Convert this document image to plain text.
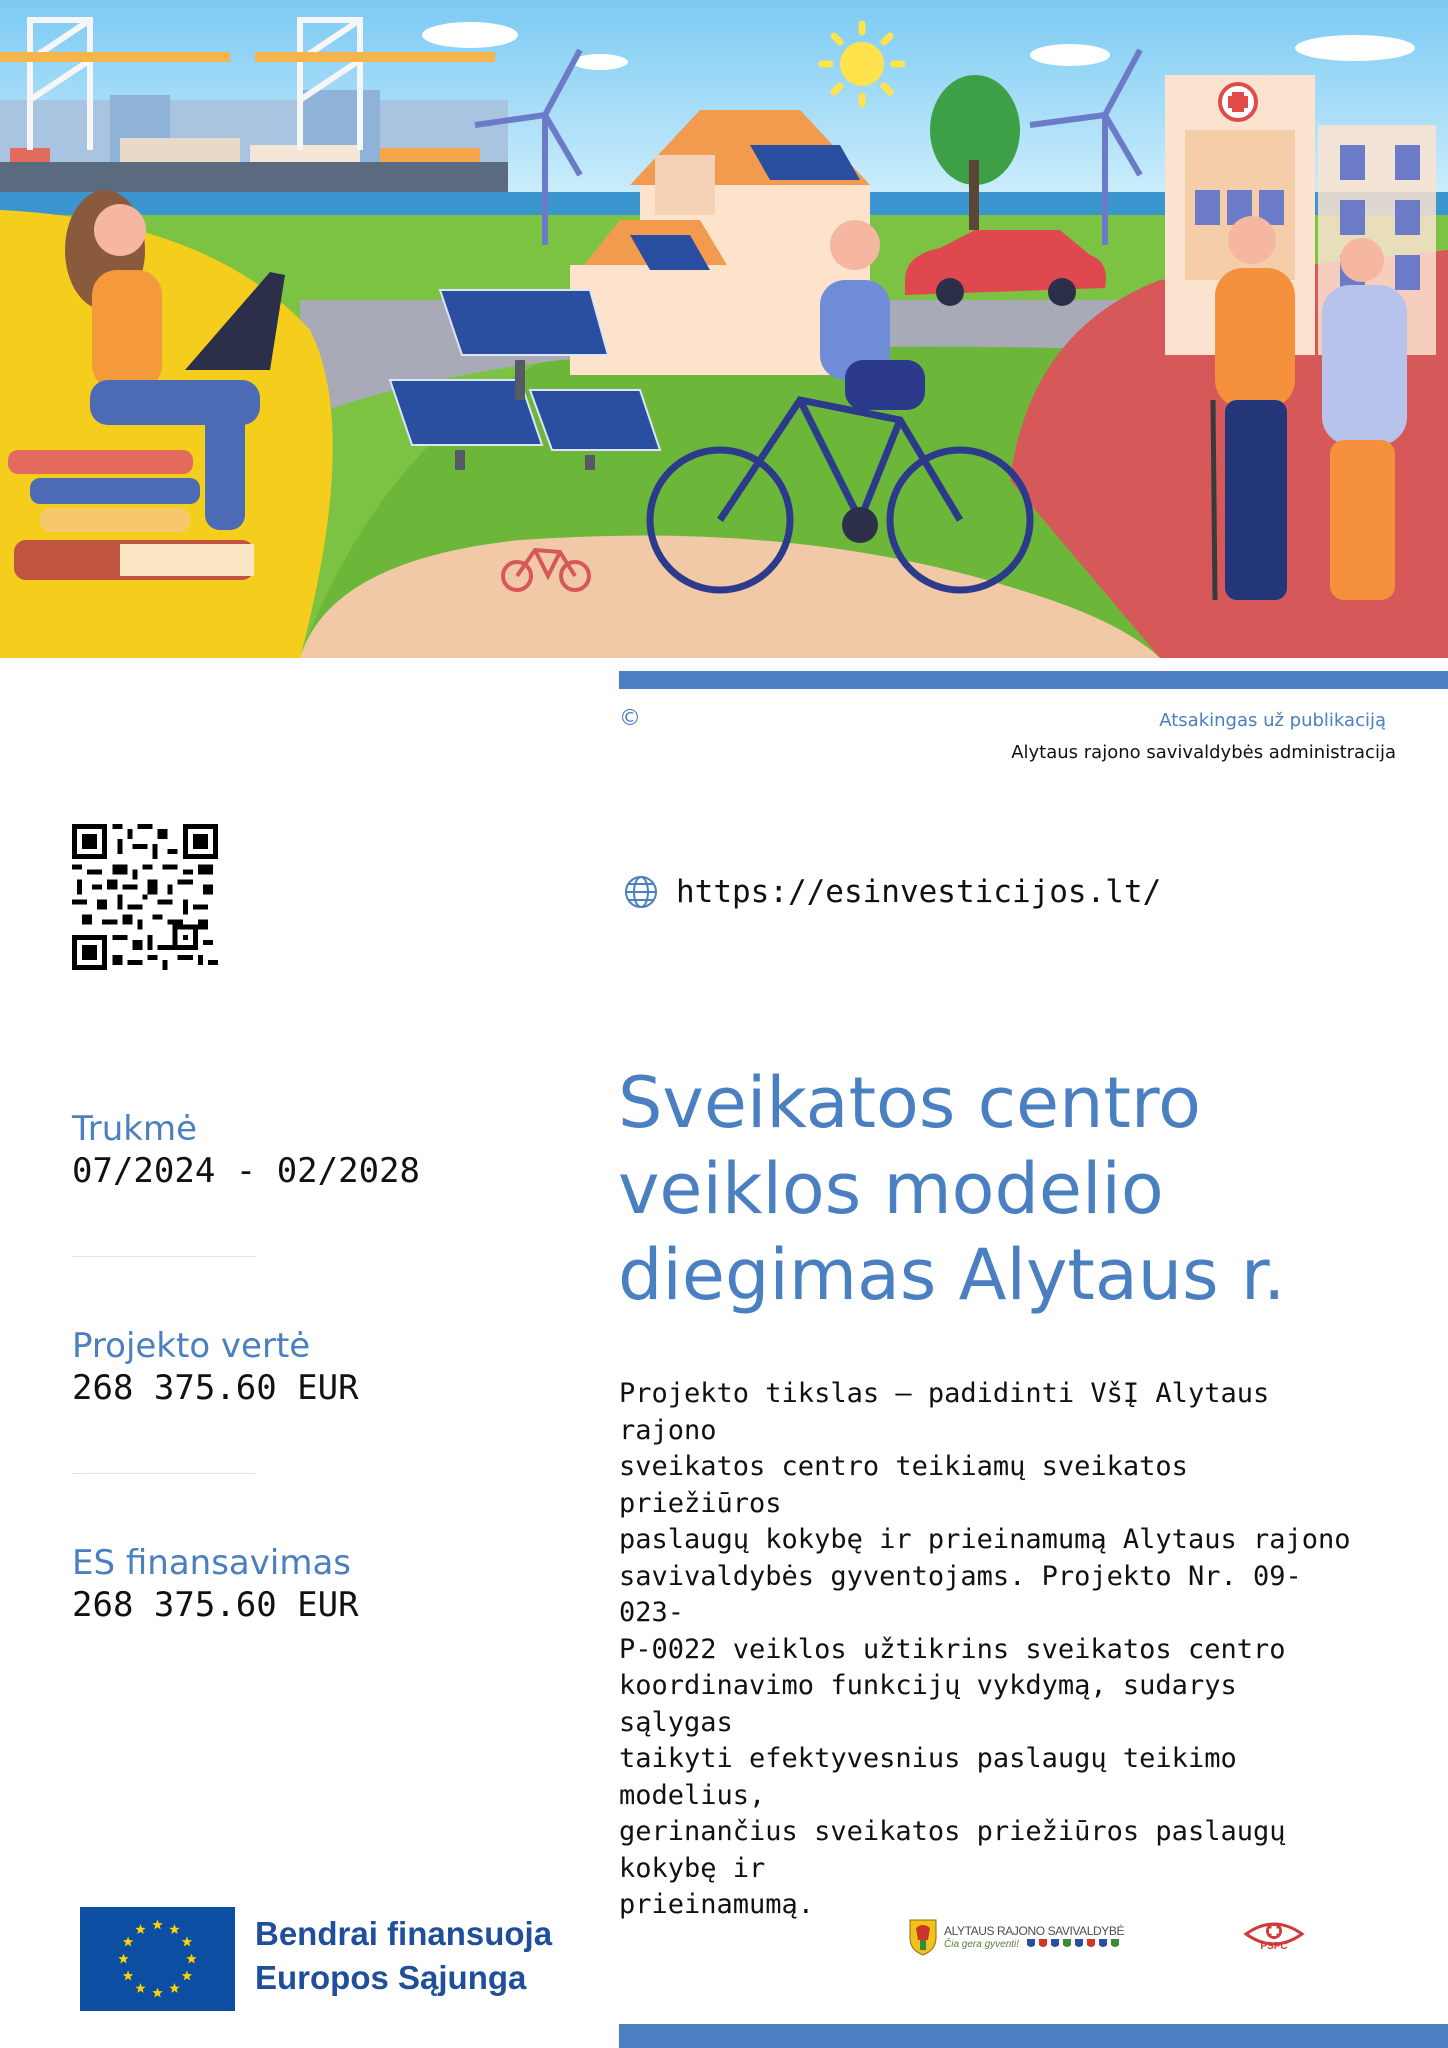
©	Atsakingas už publikaciją
Alytaus rajono savivaldybės administracija
https://esinvesticijos.lt/
Trukmė
07/2024 - 02/2028
Projekto vertė
268 375.60 EUR
ES finansavimas
268 375.60 EUR
Sveikatos centro
veiklos modelio
diegimas Alytaus r.
Projekto tikslas – padidinti VšĮ Alytaus rajono
sveikatos centro teikiamų sveikatos priežiūros
paslaugų kokybę ir prieinamumą Alytaus rajono
savivaldybės gyventojams. Projekto Nr. 09-023-
P-0022 veiklos užtikrins sveikatos centro
koordinavimo funkcijų vykdymą, sudarys sąlygas
taikyti efektyvesnius paslaugų teikimo modelius,
gerinančius sveikatos priežiūros paslaugų kokybę ir
prieinamumą.
Bendrai finansuoja
Europos Sąjunga
ALYTAUS RAJONO SAVIVALDYBĖ
Čia gera gyventi!	PSPC
